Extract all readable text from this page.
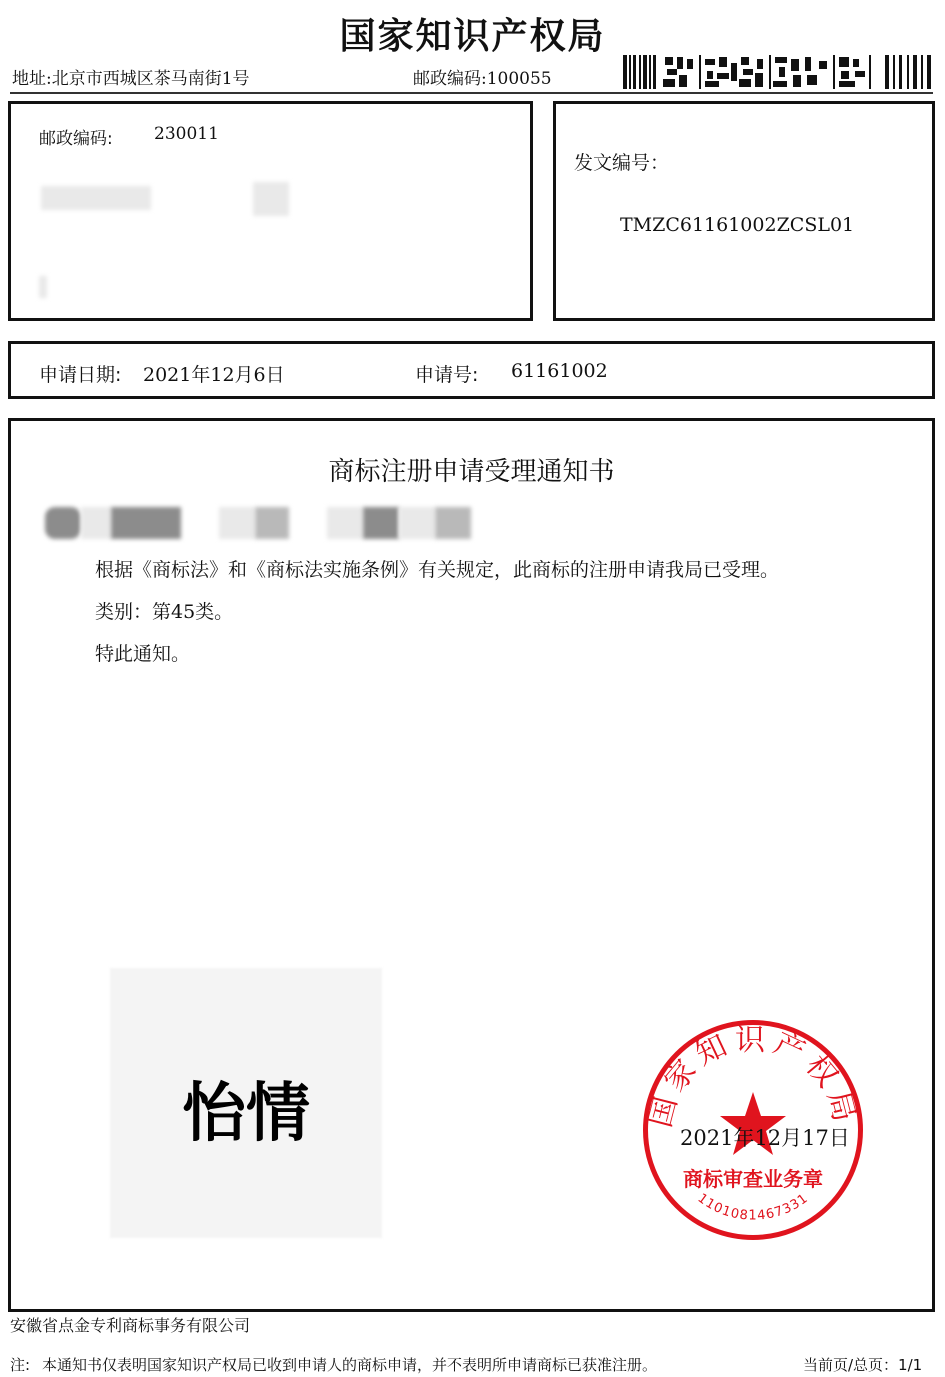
国家知识产权局
地址:北京市西城区茶马南街1号	邮政编码:100055
邮政编码: 230011
发文编号：
TMZC61161002ZCSL01
申请日期: 2021年12月6日	申请号: 61161002
商标注册申请受理通知书
根据《商标法》和《商标法实施条例》有关规定，此商标的注册申请我局已受理。
类别：第45类。
特此通知。
怡情	国家知识产权局
商标审查业务章
1101081467331
2021年12月17日
安徽省点金专利商标事务有限公司
注: 本通知书仅表明国家知识产权局已收到申请人的商标申请，并不表明所申请商标已获准注册。	当前页/总页：1/1
